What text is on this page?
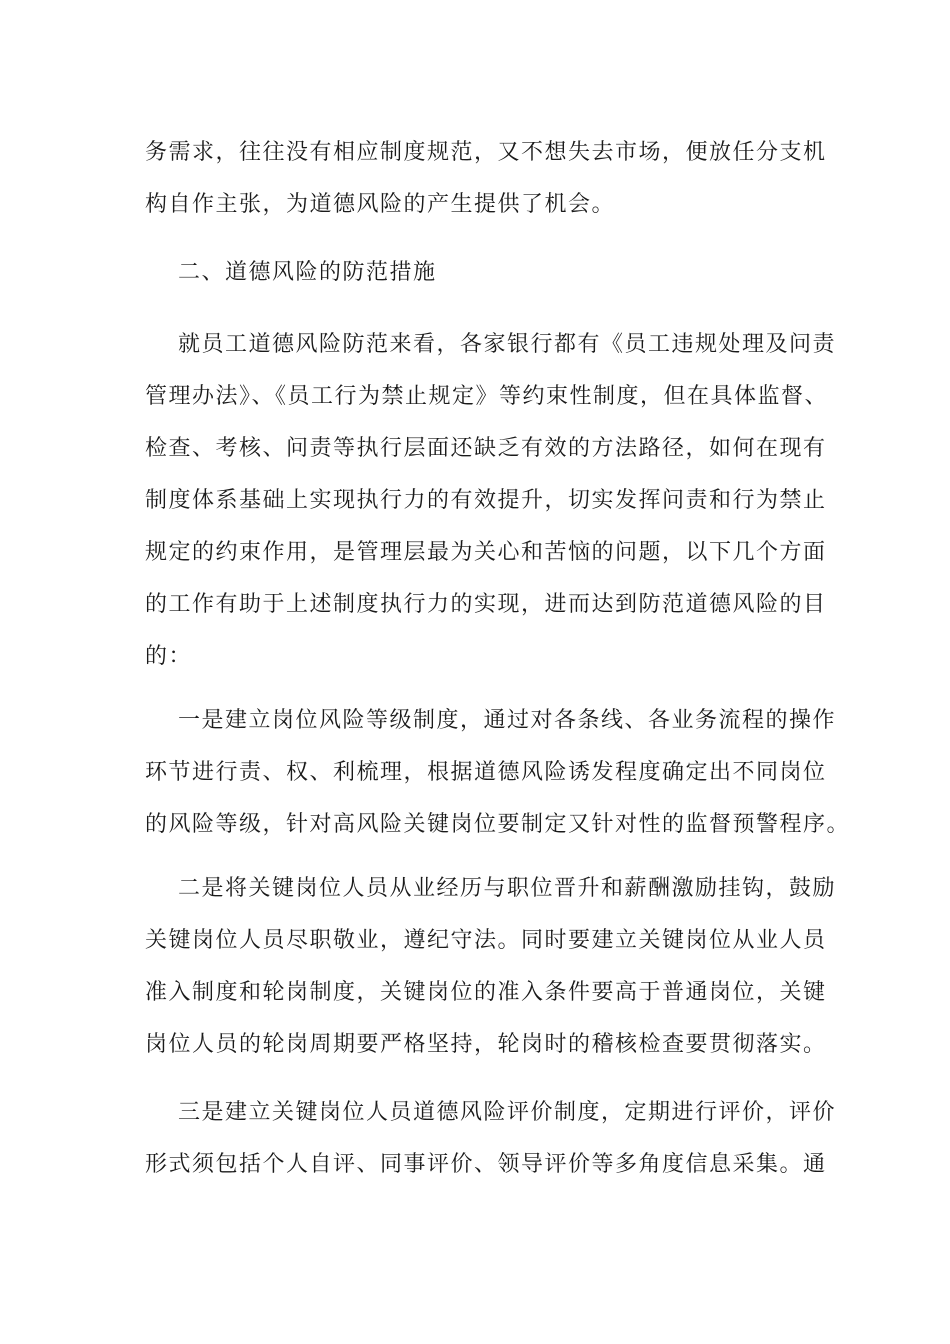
务需求，往往没有相应制度规范，又不想失去市场，便放任分支机
构自作主张，为道德风险的产生提供了机会。
二、道德风险的防范措施
就员工道德风险防范来看，各家银行都有《员工违规处理及问责
管理办法》、《员工行为禁止规定》等约束性制度，但在具体监督、
检查、考核、问责等执行层面还缺乏有效的方法路径，如何在现有
制度体系基础上实现执行力的有效提升，切实发挥问责和行为禁止
规定的约束作用，是管理层最为关心和苦恼的问题，以下几个方面
的工作有助于上述制度执行力的实现，进而达到防范道德风险的目
的：
一是建立岗位风险等级制度，通过对各条线、各业务流程的操作
环节进行责、权、利梳理，根据道德风险诱发程度确定出不同岗位
的风险等级，针对高风险关键岗位要制定又针对性的监督预警程序。
二是将关键岗位人员从业经历与职位晋升和薪酬激励挂钩，鼓励
关键岗位人员尽职敬业，遵纪守法。同时要建立关键岗位从业人员
准入制度和轮岗制度，关键岗位的准入条件要高于普通岗位，关键
岗位人员的轮岗周期要严格坚持，轮岗时的稽核检查要贯彻落实。
三是建立关键岗位人员道德风险评价制度，定期进行评价，评价
形式须包括个人自评、同事评价、领导评价等多角度信息采集。通
